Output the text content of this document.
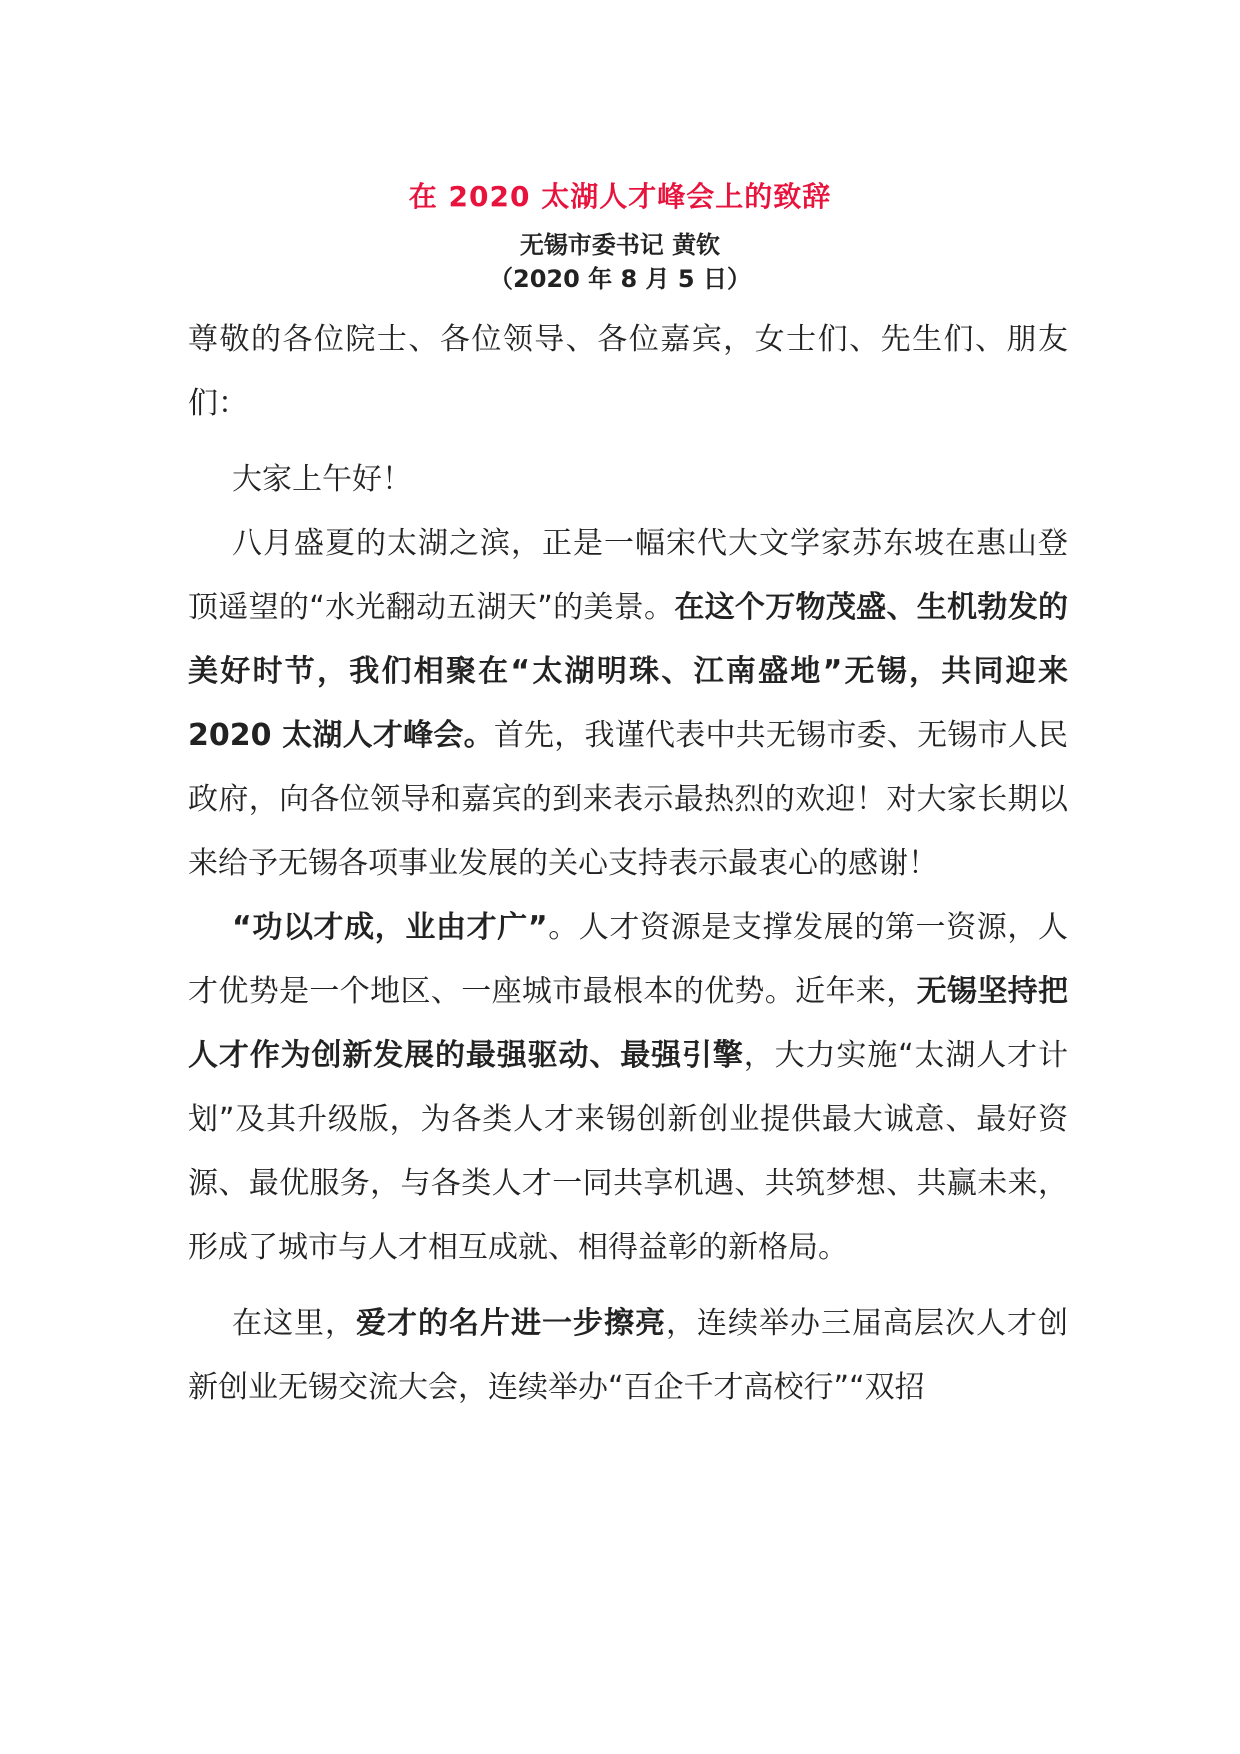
在 2020 太湖人才峰会上的致辞
无锡市委书记 黄钦
（2020 年 8 月 5 日）

尊敬的各位院士、各位领导、各位嘉宾，女士们、先生们、朋友们：

大家上午好！

八月盛夏的太湖之滨，正是一幅宋代大文学家苏东坡在惠山登顶遥望的“水光翻动五湖天”的美景。在这个万物茂盛、生机勃发的美好时节，我们相聚在“太湖明珠、江南盛地”无锡，共同迎来 2020 太湖人才峰会。首先，我谨代表中共无锡市委、无锡市人民政府，向各位领导和嘉宾的到来表示最热烈的欢迎！对大家长期以来给予无锡各项事业发展的关心支持表示最衷心的感谢！

“功以才成，业由才广”。人才资源是支撑发展的第一资源，人才优势是一个地区、一座城市最根本的优势。近年来，无锡坚持把人才作为创新发展的最强驱动、最强引擎，大力实施“太湖人才计划”及其升级版，为各类人才来锡创新创业提供最大诚意、最好资源、最优服务，与各类人才一同共享机遇、共筑梦想、共赢未来，形成了城市与人才相互成就、相得益彰的新格局。

在这里，爱才的名片进一步擦亮，连续举办三届高层次人才创新创业无锡交流大会，连续举办“百企千才高校行”“双招
